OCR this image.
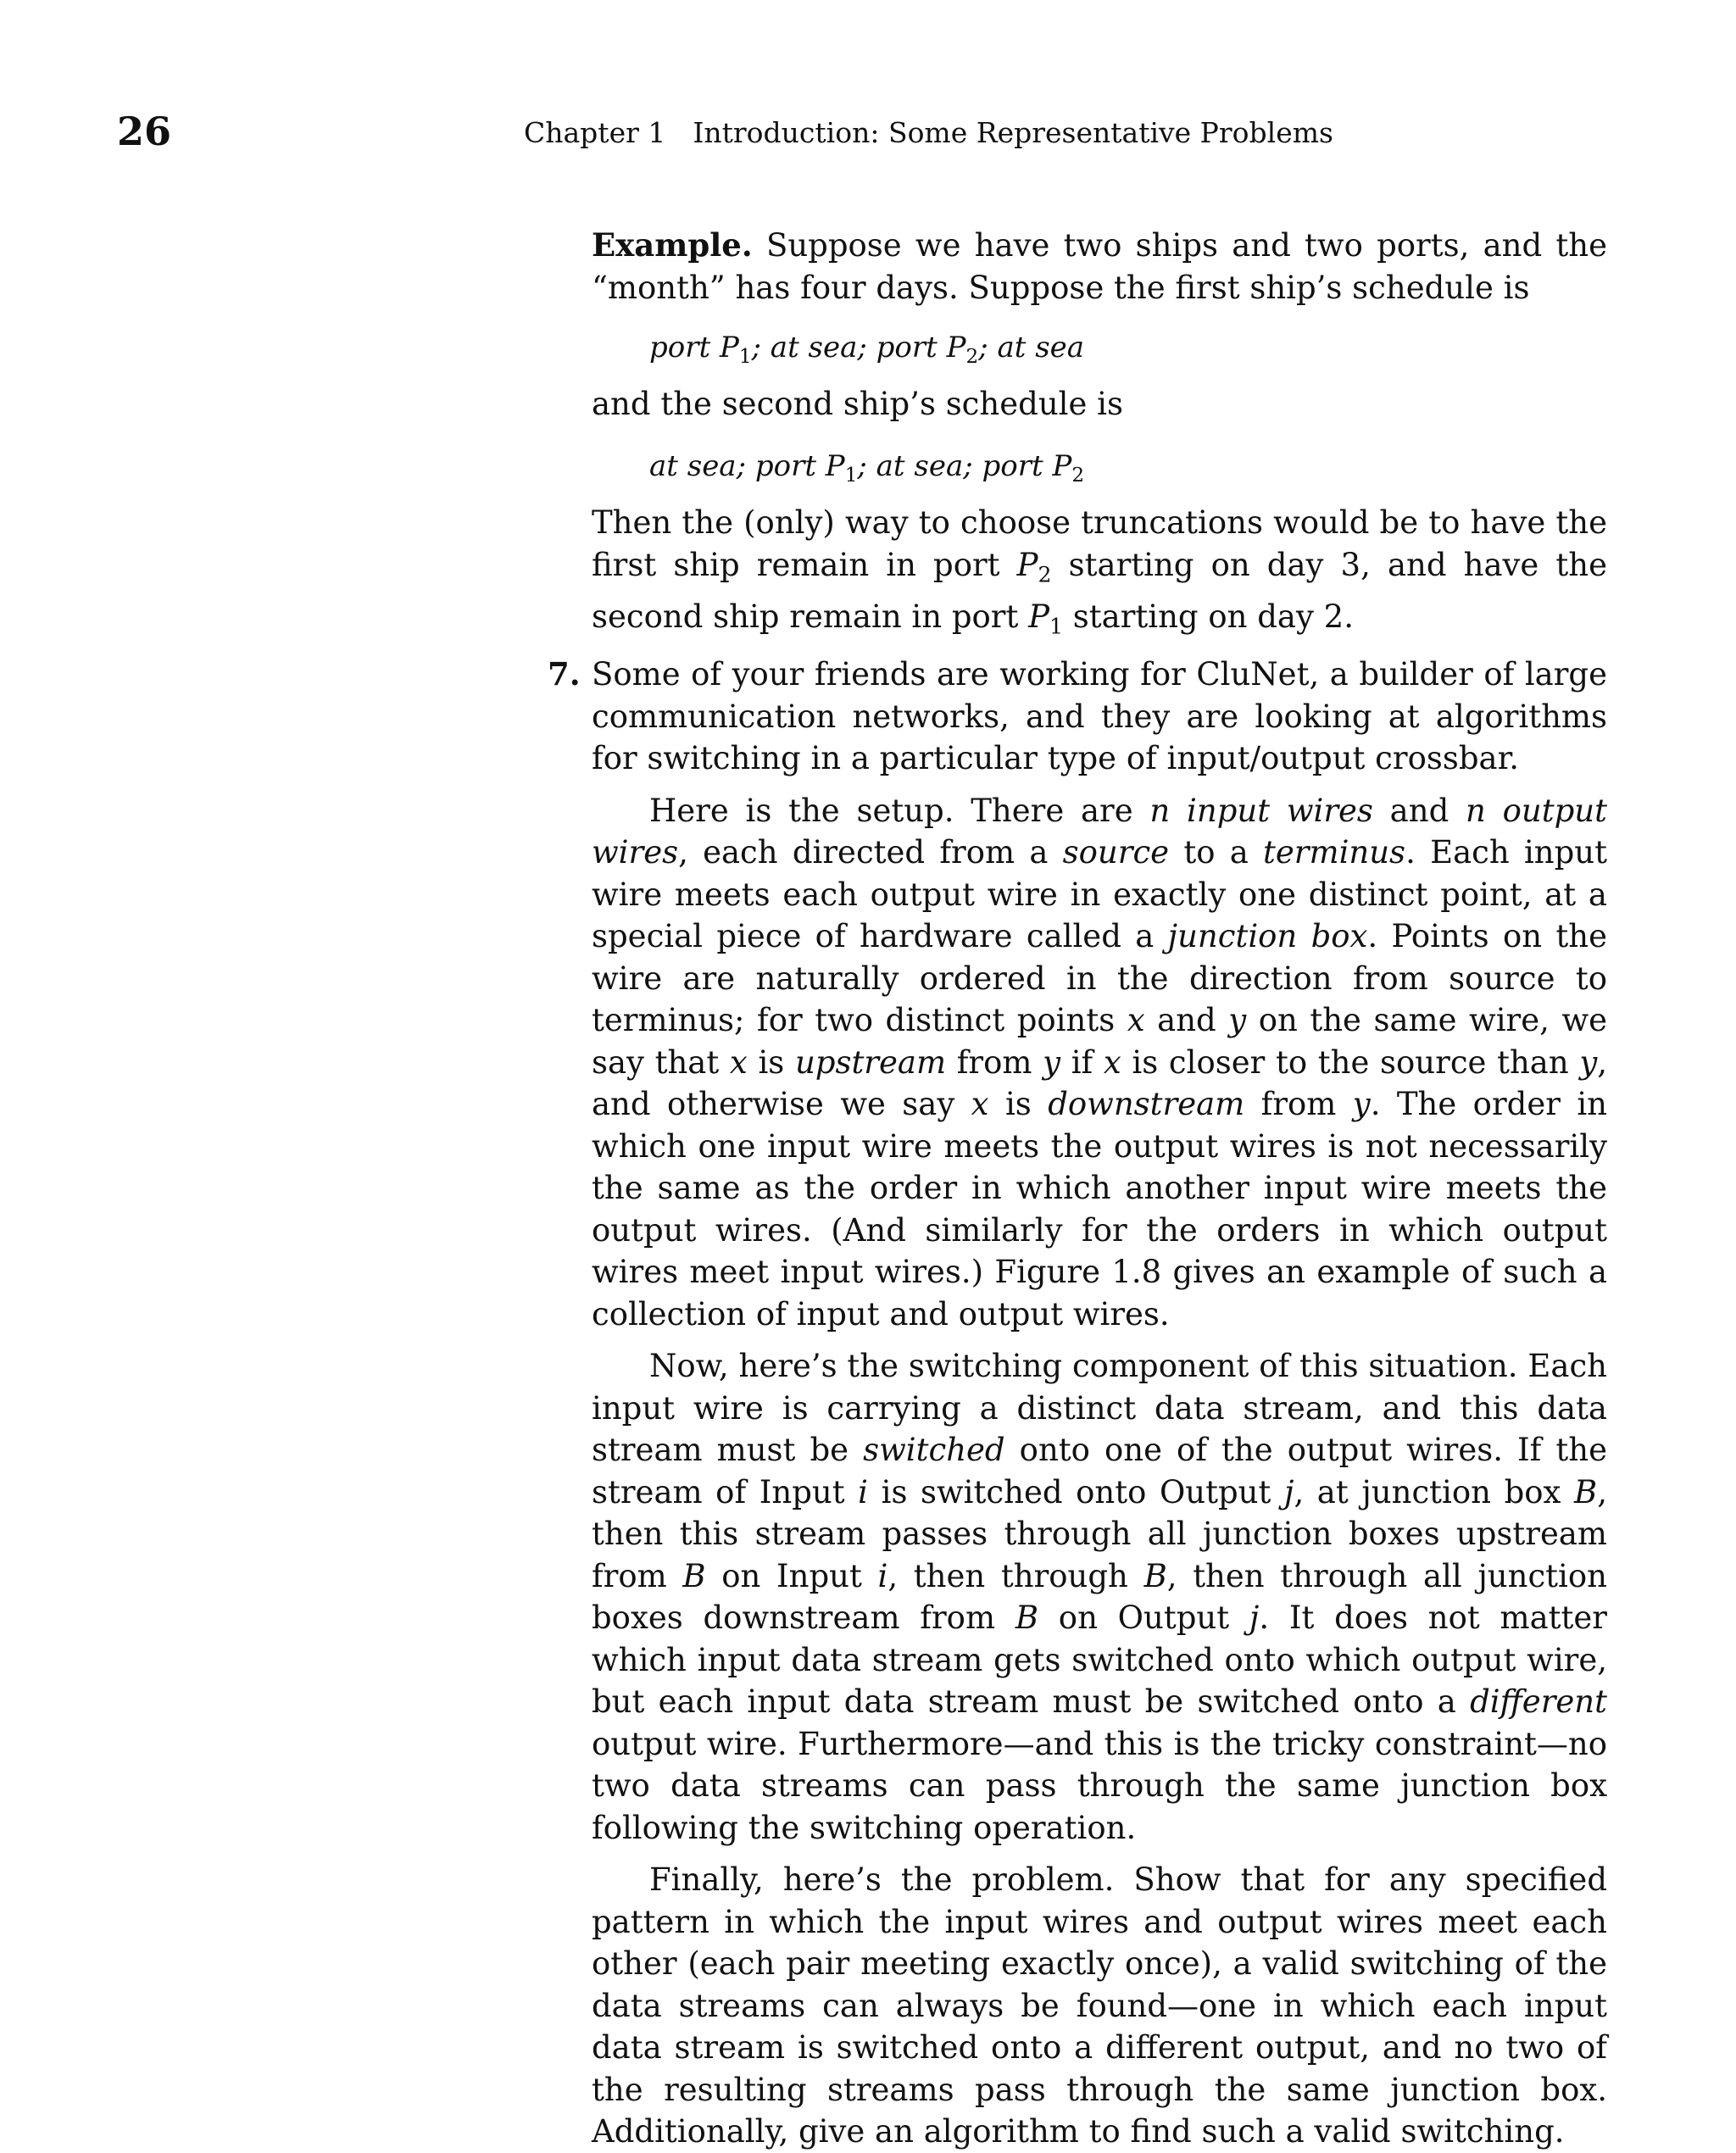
26	Chapter 1 Introduction: Some Representative Problems

Example. Suppose we have two ships and two ports, and the “month” has four days. Suppose the first ship’s schedule is

port $P_1$; at sea; port $P_2$; at sea

and the second ship’s schedule is

at sea; port $P_1$; at sea; port $P_2$

Then the (only) way to choose truncations would be to have the first ship remain in port $P_2$ starting on day 3, and have the second ship remain in port $P_1$ starting on day 2.

7. Some of your friends are working for CluNet, a builder of large communication networks, and they are looking at algorithms for switching in a particular type of input/output crossbar.

Here is the setup. There are n input wires and n output wires, each directed from a source to a terminus. Each input wire meets each output wire in exactly one distinct point, at a special piece of hardware called a junction box. Points on the wire are naturally ordered in the direction from source to terminus; for two distinct points x and y on the same wire, we say that x is upstream from y if x is closer to the source than y, and otherwise we say x is downstream from y. The order in which one input wire meets the output wires is not necessarily the same as the order in which another input wire meets the output wires. (And similarly for the orders in which output wires meet input wires.) Figure 1.8 gives an example of such a collection of input and output wires.

Now, here’s the switching component of this situation. Each input wire is carrying a distinct data stream, and this data stream must be switched onto one of the output wires. If the stream of Input i is switched onto Output j, at junction box B, then this stream passes through all junction boxes upstream from B on Input i, then through B, then through all junction boxes downstream from B on Output j. It does not matter which input data stream gets switched onto which output wire, but each input data stream must be switched onto a different output wire. Furthermore—and this is the tricky constraint—no two data streams can pass through the same junction box following the switching operation.

Finally, here’s the problem. Show that for any specified pattern in which the input wires and output wires meet each other (each pair meeting exactly once), a valid switching of the data streams can always be found—one in which each input data stream is switched onto a different output, and no two of the resulting streams pass through the same junction box. Additionally, give an algorithm to find such a valid switching.
